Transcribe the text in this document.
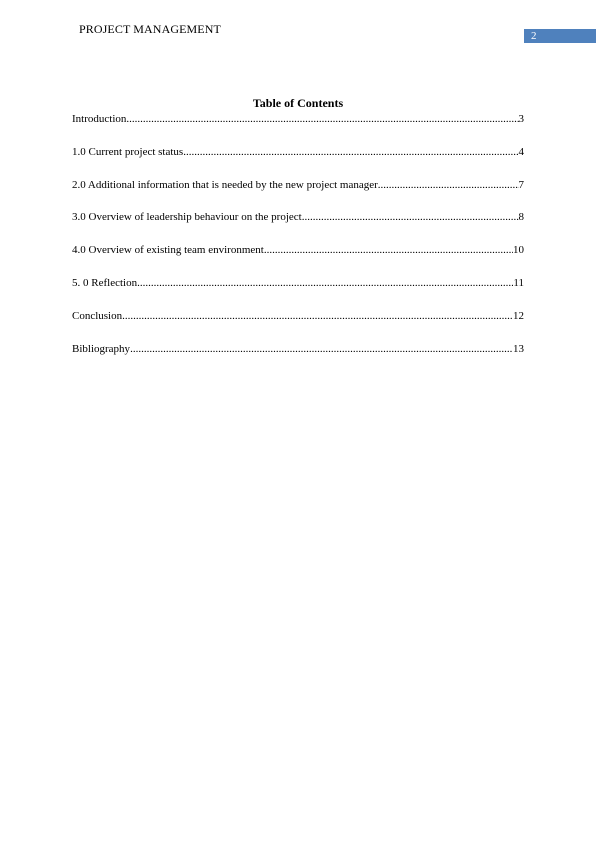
PROJECT MANAGEMENT	2
Table of Contents
Introduction .....	3
1.0 Current project status .....	4
2.0 Additional information that is needed by the new project manager .....	7
3.0 Overview of leadership behaviour on the project .....	8
4.0 Overview of existing team environment .....	10
5. 0 Reflection .....	11
Conclusion .....	12
Bibliography .....	13
